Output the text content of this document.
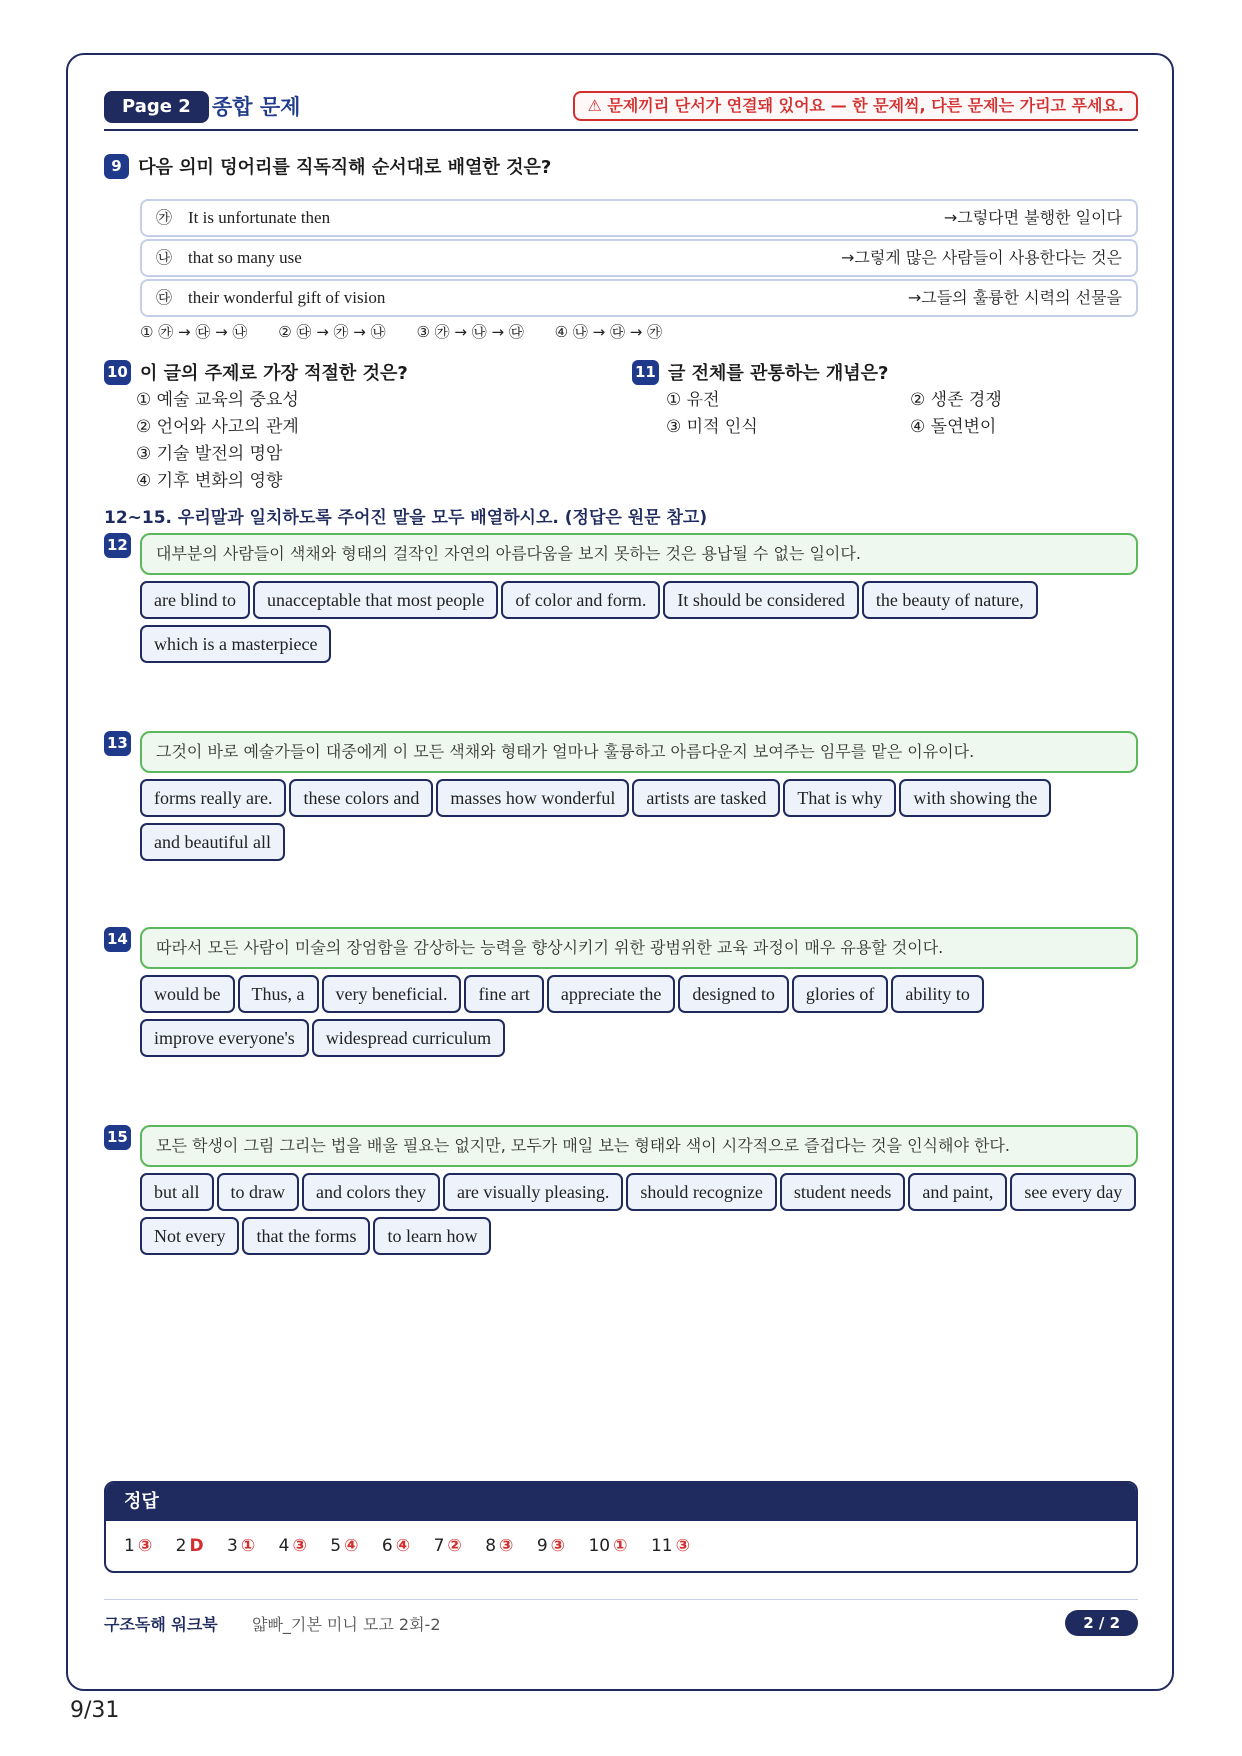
Page 2	종합 문제	⚠ 문제끼리 단서가 연결돼 있어요 — 한 문제씩, 다른 문제는 가리고 푸세요.
9 다음 의미 덩어리를 직독직해 순서대로 배열한 것은?
㉮ It is unfortunate then	→그렇다면 불행한 일이다
㉯ that so many use	→그렇게 많은 사람들이 사용한다는 것은
㉰ their wonderful gift of vision	→그들의 훌륭한 시력의 선물을
① ㉮ → ㉰ → ㉯ ② ㉰ → ㉮ → ㉯ ③ ㉮ → ㉯ → ㉰ ④ ㉯ → ㉰ → ㉮
10 이 글의 주제로 가장 적절한 것은?
① 예술 교육의 중요성
② 언어와 사고의 관계
③ 기술 발전의 명암
④ 기후 변화의 영향
11 글 전체를 관통하는 개념은?
① 유전
③ 미적 인식
② 생존 경쟁
④ 돌연변이
12~15. 우리말과 일치하도록 주어진 말을 모두 배열하시오. (정답은 원문 참고)
12	대부분의 사람들이 색채와 형태의 걸작인 자연의 아름다움을 보지 못하는 것은 용납될 수 없는 일이다.
are blind to unacceptable that most people of color and form. It should be considered the beauty of nature,which is a masterpiece
13	그것이 바로 예술가들이 대중에게 이 모든 색채와 형태가 얼마나 훌륭하고 아름다운지 보여주는 임무를 맡은 이유이다.
forms really are. these colors and masses how wonderful artists are tasked That is why with showing theand beautiful all
14	따라서 모든 사람이 미술의 장엄함을 감상하는 능력을 향상시키기 위한 광범위한 교육 과정이 매우 유용할 것이다.
would be Thus, a very beneficial. fine art appreciate the designed to glories of ability toimprove everyone's widespread curriculum
15	모든 학생이 그림 그리는 법을 배울 필요는 없지만, 모두가 매일 보는 형태와 색이 시각적으로 즐겁다는 것을 인식해야 한다.
but all to draw and colors they are visually pleasing. should recognize student needs and paint, see every dayNot every that the forms to learn how
정답
1 ③ 2 D 3 ① 4 ③ 5 ④ 6 ④ 7 ② 8 ③ 9 ③ 10 ① 11 ③
구조독해 워크북 얇빠_기본 미니 모고 2회-2	2 / 2
9/31
